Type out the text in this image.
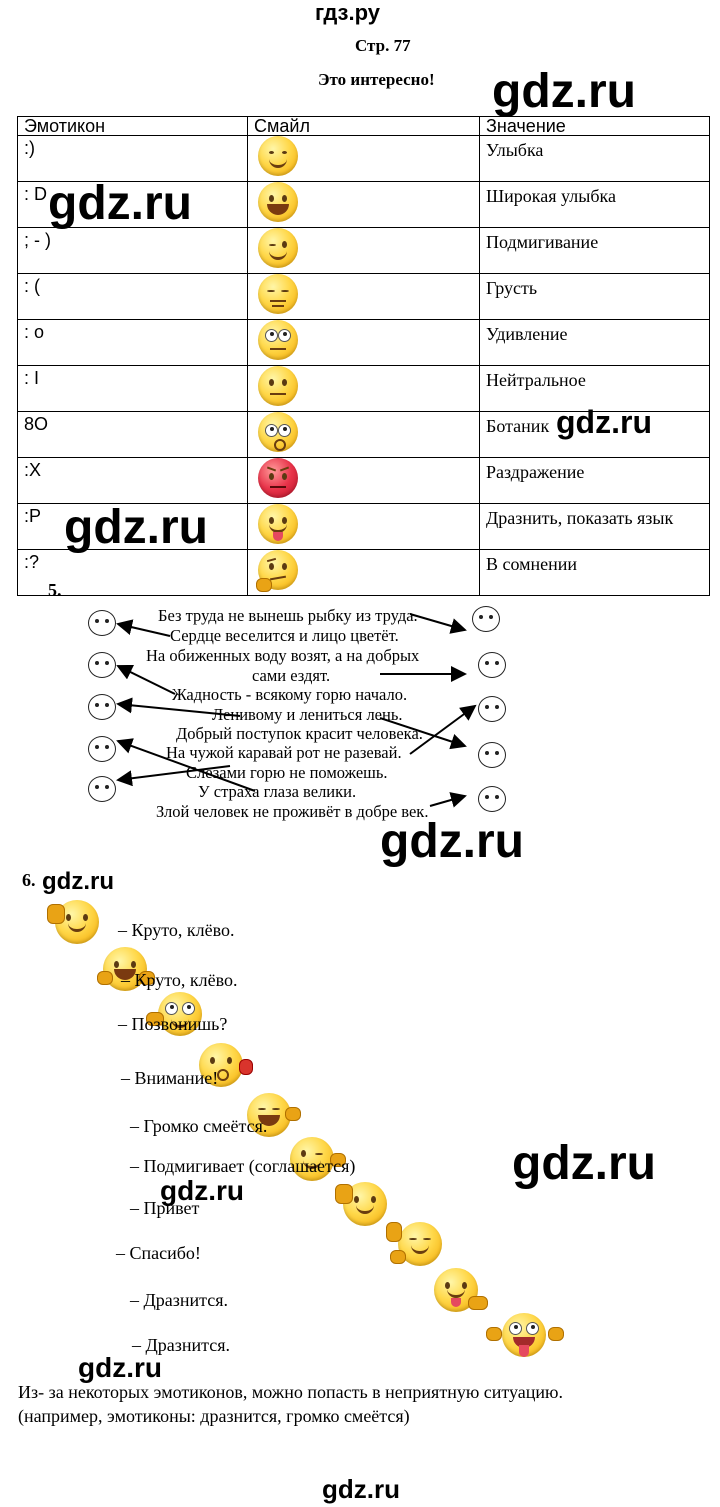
гдз.ру
Стр. 77
Это интересно!
Эмотикон	Смайл	Значение
:)		Улыбка
: D		Широкая улыбка
; - )		Подмигивание
: (		Грусть
: o		Удивление
: I		Нейтральное
8O		Ботаник
:X		Раздражение
:P		Дразнить, показать язык
:?		В сомнении
5.
Без труда не вынешь рыбку из труда.
Сердце веселится и лицо цветёт.
На обиженных воду возят, а на добрых
сами ездят.
Жадность - всякому горю начало.
Ленивому и лениться лень.
Добрый поступок красит человека.
На чужой каравай рот не разевай.
Слезами горю не поможешь.
У страха глаза велики.
Злой человек не проживёт в добре век.
6.

– Круто, клёво.

– Круто, клёво.

– Позвонишь?

– Внимание!

– Громко смеётся.

– Подмигивает (соглашается)

– Привет

– Спасибо!

– Дразнится.
– Дразнится.
Из- за некоторых эмотиконов, можно попасть в неприятную ситуацию.
(например, эмотиконы: дразнится, громко смеётся)
gdz.ru
gdz.ru
gdz.ru
gdz.ru
gdz.ru
gdz.ru
gdz.ru
gdz.ru
gdz.ru
gdz.ru
